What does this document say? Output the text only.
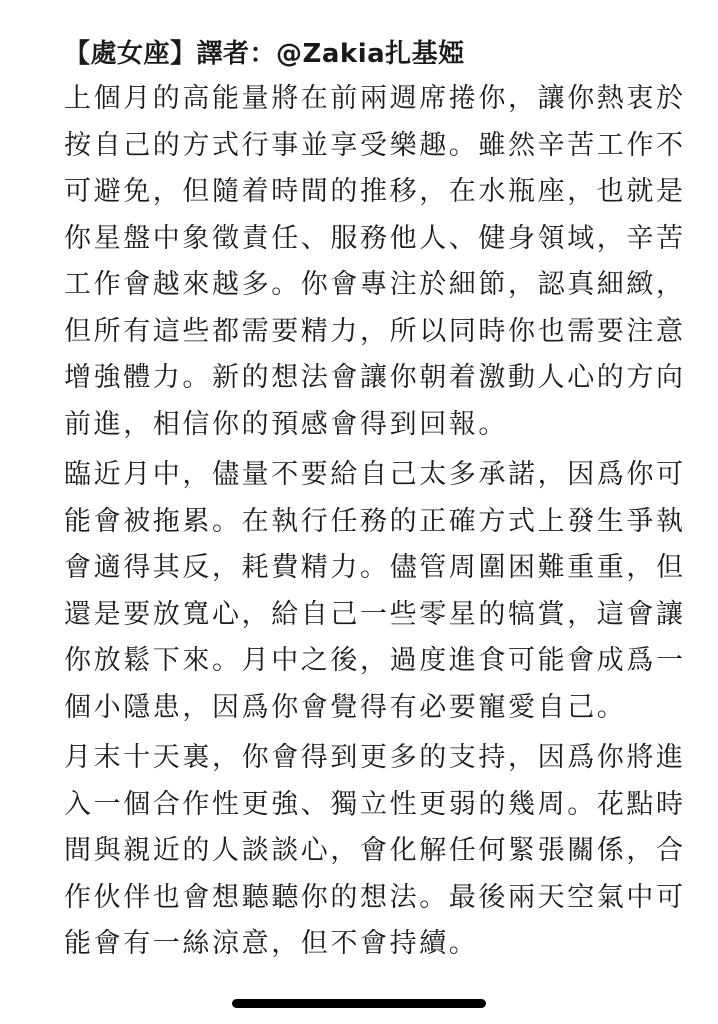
【處女座】譯者：@Zakia扎基婭
上個月的高能量將在前兩週席捲你，讓你熱衷於
按自己的方式行事並享受樂趣。雖然辛苦工作不
可避免，但隨着時間的推移，在水瓶座，也就是
你星盤中象徵責任、服務他人、健身領域，辛苦
工作會越來越多。你會專注於細節，認真細緻，
但所有這些都需要精力，所以同時你也需要注意
增強體力。新的想法會讓你朝着激動人心的方向
前進，相信你的預感會得到回報。
臨近月中，儘量不要給自己太多承諾，因爲你可
能會被拖累。在執行任務的正確方式上發生爭執
會適得其反，耗費精力。儘管周圍困難重重，但
還是要放寬心，給自己一些零星的犒賞，這會讓
你放鬆下來。月中之後，過度進食可能會成爲一
個小隱患，因爲你會覺得有必要寵愛自己。
月末十天裏，你會得到更多的支持，因爲你將進
入一個合作性更強、獨立性更弱的幾周。花點時
間與親近的人談談心，會化解任何緊張關係，合
作伙伴也會想聽聽你的想法。最後兩天空氣中可
能會有一絲涼意，但不會持續。
